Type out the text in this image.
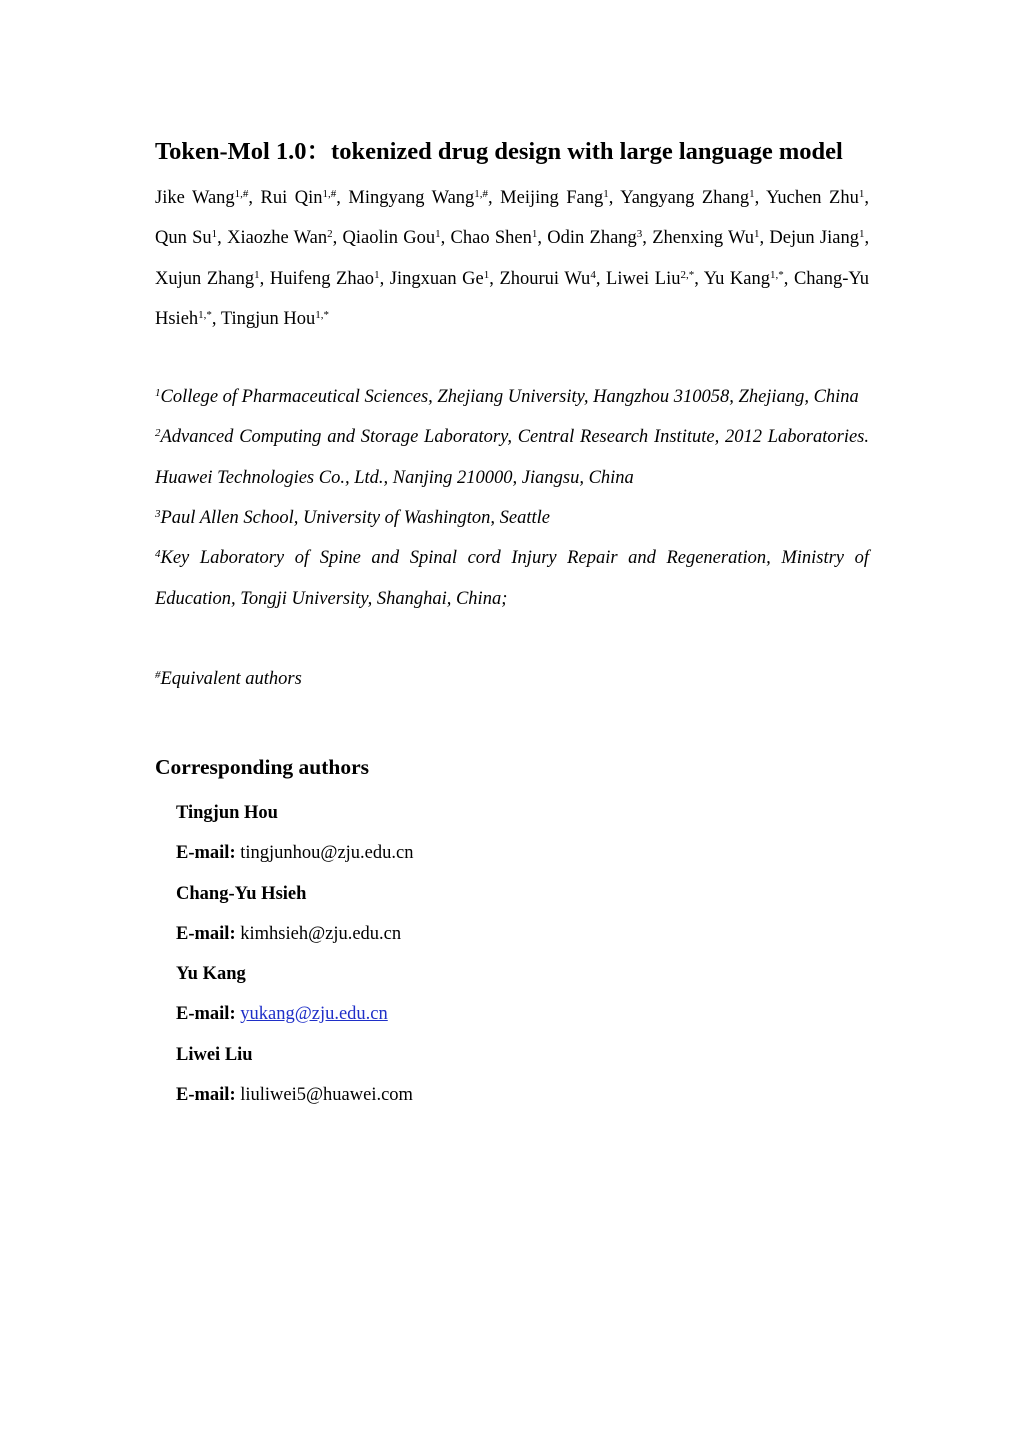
Token-Mol 1.0：tokenized drug design with large language model

Jike Wang$^{1,\#}$, Rui Qin$^{1,\#}$, Mingyang Wang$^{1,\#}$, Meijing Fang$^1$, Yangyang Zhang$^1$, Yuchen Zhu$^1$, Qun Su$^1$, Xiaozhe Wan$^2$, Qiaolin Gou$^1$, Chao Shen$^1$, Odin Zhang$^3$, Zhenxing Wu$^1$, Dejun Jiang$^1$, Xujun Zhang$^1$, Huifeng Zhao$^1$, Jingxuan Ge$^1$, Zhourui Wu$^4$, Liwei Liu$^{2,*}$, Yu Kang$^{1,*}$, Chang-Yu Hsieh$^{1,*}$, Tingjun Hou$^{1,*}$

$^1$College of Pharmaceutical Sciences, Zhejiang University, Hangzhou 310058, Zhejiang, China

$^2$Advanced Computing and Storage Laboratory, Central Research Institute, 2012 Laboratories. Huawei Technologies Co., Ltd., Nanjing 210000, Jiangsu, China

$^3$Paul Allen School, University of Washington, Seattle

$^4$Key Laboratory of Spine and Spinal cord Injury Repair and Regeneration, Ministry of Education, Tongji University, Shanghai, China;

#Equivalent authors

Corresponding authors

Tingjun Hou

E-mail: tingjunhou@zju.edu.cn

Chang-Yu Hsieh

E-mail: kimhsieh@zju.edu.cn

Yu Kang

E-mail: yukang@zju.edu.cn

Liwei Liu

E-mail: liuliwei5@huawei.com
